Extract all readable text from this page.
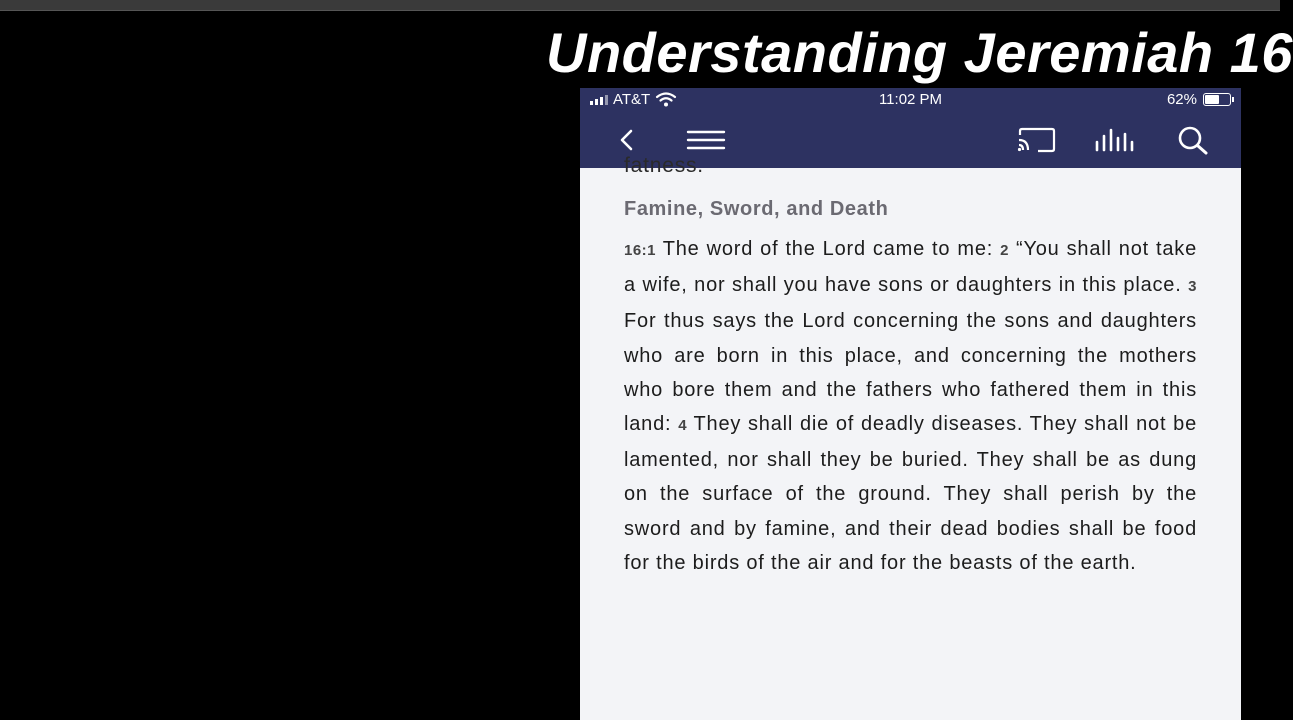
Understanding Jeremiah 16
AT&T	11:02 PM	62%
fatness.
Famine, Sword, and Death
16:1 The word of the Lord came to me: 2 “You shall not take a wife, nor shall you have sons or daughters in this place. 3 For thus says the Lord concerning the sons and daughters who are born in this place, and concerning the mothers who bore them and the fathers who fathered them in this land: 4 They shall die of deadly diseases. They shall not be lamented, nor shall they be buried. They shall be as dung on the surface of the ground. They shall perish by the sword and by famine, and their dead bodies shall be food for the birds of the air and for the beasts of the earth.
